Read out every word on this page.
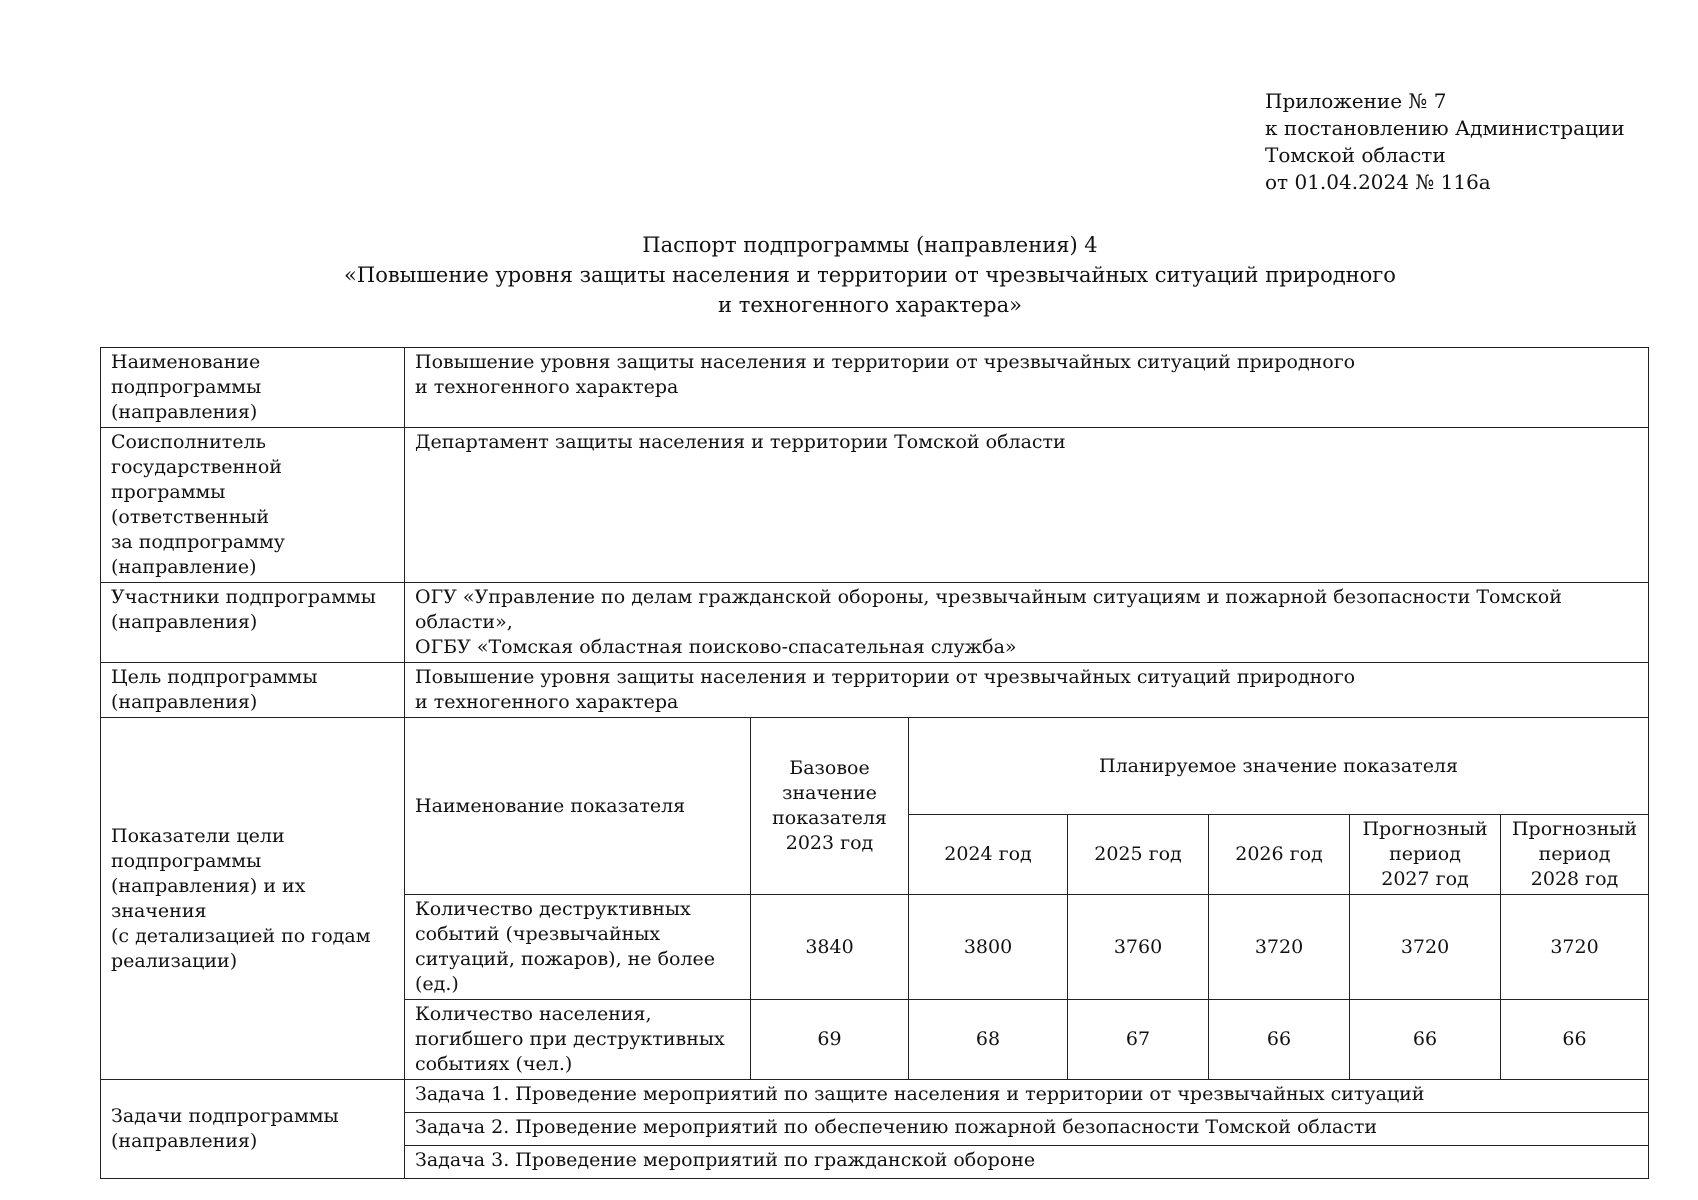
Приложение № 7
к постановлению Администрации
Томской области
от 01.04.2024 № 116а
Паспорт подпрограммы (направления) 4
«Повышение уровня защиты населения и территории от чрезвычайных ситуаций природного
и техногенного характера»
Наименование
подпрограммы
(направления)	Повышение уровня защиты населения и территории от чрезвычайных ситуаций природного
и техногенного характера						

Соисполнитель
государственной программы
(ответственный
за подпрограмму
(направление)	Департамент защиты населения и территории Томской области						

Участники подпрограммы
(направления)	ОГУ «Управление по делам гражданской обороны, чрезвычайным ситуациям и пожарной безопасности Томской области»,
ОГБУ «Томская областная поисково-спасательная служба»						

Цель подпрограммы
(направления)	Повышение уровня защиты населения и территории от чрезвычайных ситуаций природного
и техногенного характера						

Показатели цели
подпрограммы
(направления) и их значения
(с детализацией по годам
реализации)	Наименование показателя	Базовое
значение
показателя
2023 год	Планируемое значение показателя				

			2024 год	2025 год	2026 год	Прогнозный
период
2027 год	Прогнозный
период
2028 год

	Количество деструктивных
событий (чрезвычайных
ситуаций, пожаров), не более
(ед.)	3840	3800	3760	3720	3720	3720

	Количество населения,
погибшего при деструктивных
событиях (чел.)	69	68	67	66	66	66

Задачи подпрограммы
(направления)	Задача 1. Проведение мероприятий по защите населения и территории от чрезвычайных ситуаций						
	Задача 2. Проведение мероприятий по обеспечению пожарной безопасности Томской области						
	Задача 3. Проведение мероприятий по гражданской обороне						
